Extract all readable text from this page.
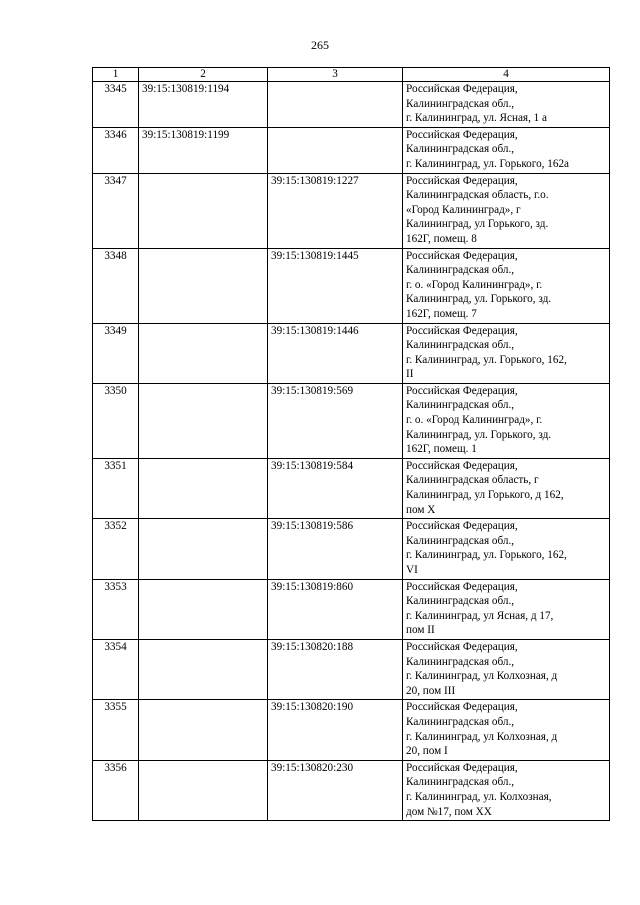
265
1	2	3	4
3345	39:15:130819:1194		Российская Федерация,
Калининградская обл.,
г. Калининград, ул. Ясная, 1 а

3346	39:15:130819:1199		Российская Федерация,
Калининградская обл.,
г. Калининград, ул. Горького, 162а

3347		39:15:130819:1227	Российская Федерация,
Калининградская область, г.о.
«Город Калининград», г
Калининград, ул Горького, зд.
162Г, помещ. 8

3348		39:15:130819:1445	Российская Федерация,
Калининградская обл.,
г. о. «Город Калининград», г.
Калининград, ул. Горького, зд.
162Г, помещ. 7

3349		39:15:130819:1446	Российская Федерация,
Калининградская обл.,
г. Калининград, ул. Горького, 162,
II

3350		39:15:130819:569	Российская Федерация,
Калининградская обл.,
г. о. «Город Калининград», г.
Калининград, ул. Горького, зд.
162Г, помещ. 1

3351		39:15:130819:584	Российская Федерация,
Калининградская область, г
Калининград, ул Горького, д 162,
пом X

3352		39:15:130819:586	Российская Федерация,
Калининградская обл.,
г. Калининград, ул. Горького, 162,
VI

3353		39:15:130819:860	Российская Федерация,
Калининградская обл.,
г. Калининград, ул Ясная, д 17,
пом II

3354		39:15:130820:188	Российская Федерация,
Калининградская обл.,
г. Калининград, ул Колхозная, д
20, пом III

3355		39:15:130820:190	Российская Федерация,
Калининградская обл.,
г. Калининград, ул Колхозная, д
20, пом I

3356		39:15:130820:230	Российская Федерация,
Калининградская обл.,
г. Калининград, ул. Колхозная,
дом №17, пом XX
